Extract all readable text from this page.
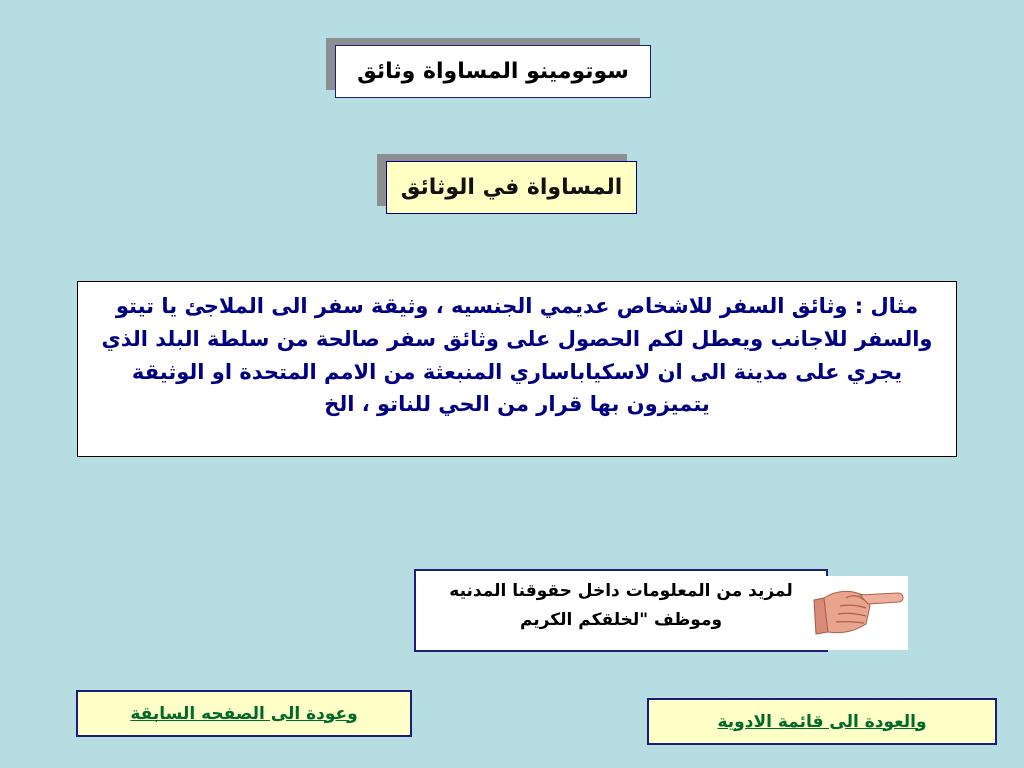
سوتومينو المساواة وثائق
المساواة في الوثائق
مثال : وثائق السفر للاشخاص عديمي الجنسيه ، وثيقة سفر الى الملاجئ يا تيتو والسفر للاجانب ويعطل لكم الحصول على وثائق سفر صالحة من سلطة البلد الذي يجري على مدينة الى ان لاسكياباساري المنبعثة من الامم المتحدة او الوثيقة يتميزون بها قرار من الحي للناتو ، الخ
لمزيد من المعلومات داخل حقوقنا المدنيه
وموظف "لخلقكم الكريم
وعودة الى الصفحه السابقة	والعودة الى قائمة الادوية
